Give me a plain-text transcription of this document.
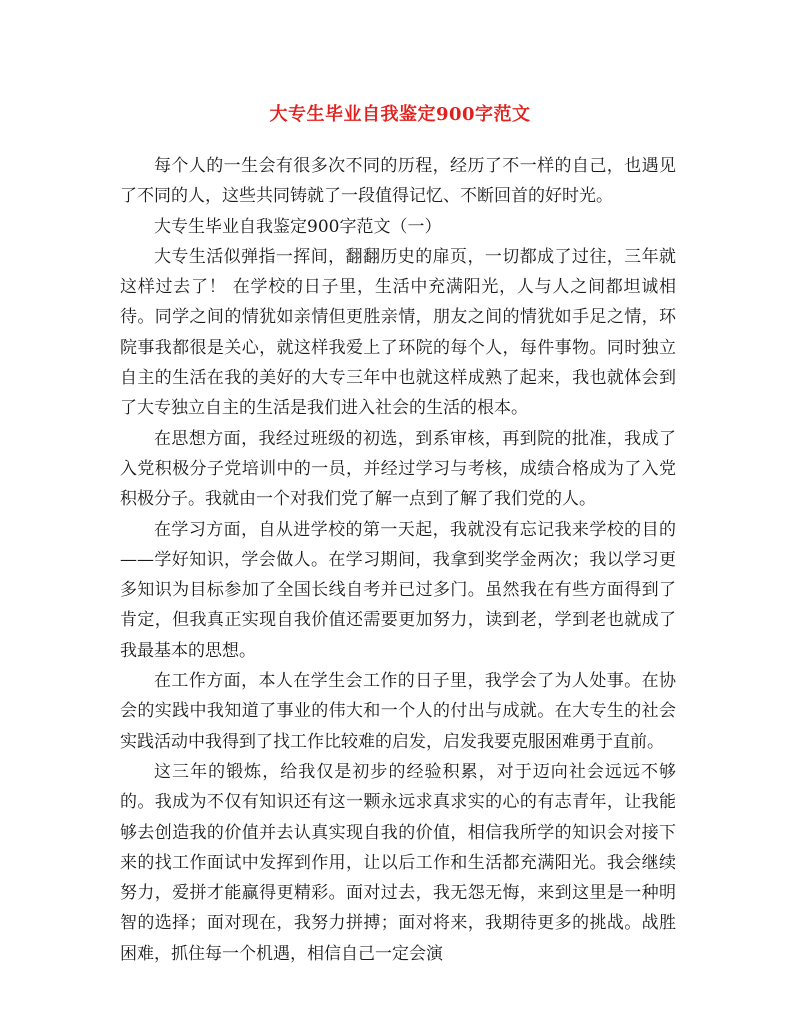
大专生毕业自我鉴定900字范文

每个人的一生会有很多次不同的历程，经历了不一样的自己，也遇见了不同的人，这些共同铸就了一段值得记忆、不断回首的好时光。

大专生毕业自我鉴定900字范文（一）

大专生活似弹指一挥间，翻翻历史的扉页，一切都成了过往，三年就这样过去了！ 在学校的日子里，生活中充满阳光，人与人之间都坦诚相待。同学之间的情犹如亲情但更胜亲情，朋友之间的情犹如手足之情，环院事我都很是关心，就这样我爱上了环院的每个人，每件事物。同时独立自主的生活在我的美好的大专三年中也就这样成熟了起来，我也就体会到了大专独立自主的生活是我们进入社会的生活的根本。

在思想方面，我经过班级的初选，到系审核，再到院的批准，我成了入党积极分子党培训中的一员，并经过学习与考核，成绩合格成为了入党积极分子。我就由一个对我们党了解一点到了解了我们党的人。

在学习方面，自从进学校的第一天起，我就没有忘记我来学校的目的——学好知识，学会做人。在学习期间，我拿到奖学金两次；我以学习更多知识为目标参加了全国长线自考并已过多门。虽然我在有些方面得到了肯定，但我真正实现自我价值还需要更加努力，读到老，学到老也就成了我最基本的思想。

在工作方面，本人在学生会工作的日子里，我学会了为人处事。在协会的实践中我知道了事业的伟大和一个人的付出与成就。在大专生的社会实践活动中我得到了找工作比较难的启发，启发我要克服困难勇于直前。

这三年的锻炼，给我仅是初步的经验积累，对于迈向社会远远不够的。我成为不仅有知识还有这一颗永远求真求实的心的有志青年，让我能够去创造我的价值并去认真实现自我的价值，相信我所学的知识会对接下来的找工作面试中发挥到作用，让以后工作和生活都充满阳光。我会继续努力，爱拼才能赢得更精彩。面对过去，我无怨无悔，来到这里是一种明智的选择；面对现在，我努力拼搏；面对将来，我期待更多的挑战。战胜困难，抓住每一个机遇，相信自己一定会演
